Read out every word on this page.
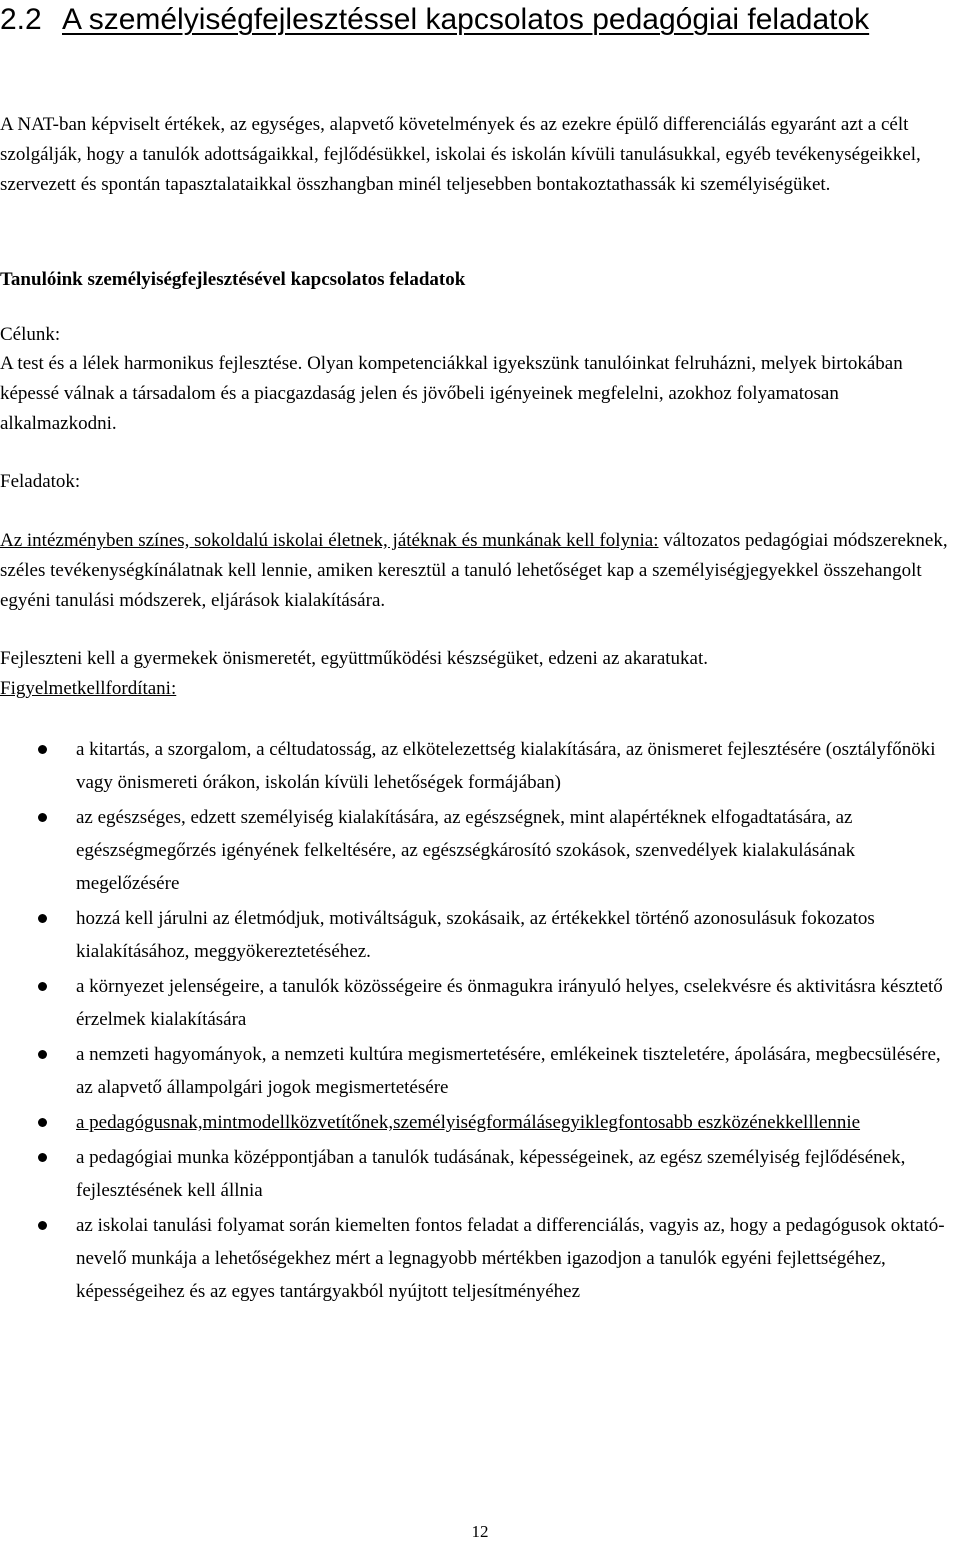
2.2 A személyiségfejlesztéssel kapcsolatos pedagógiai feladatok

A NAT-ban képviselt értékek, az egységes, alapvető követelmények és az ezekre épülő differenciálás egyaránt azt a célt szolgálják, hogy a tanulók adottságaikkal, fejlődésükkel, iskolai és iskolán kívüli tanulásukkal, egyéb tevékenységeikkel, szervezett és spontán tapasztalataikkal összhangban minél teljesebben bontakoztathassák ki személyiségüket.

Tanulóink személyiségfejlesztésével kapcsolatos feladatok

Célunk:

A test és a lélek harmonikus fejlesztése. Olyan kompetenciákkal igyekszünk tanulóinkat felruházni, melyek birtokában képessé válnak a társadalom és a piacgazdaság jelen és jövőbeli igényeinek megfelelni, azokhoz folyamatosan alkalmazkodni.

Feladatok:

Az intézményben színes, sokoldalú iskolai életnek, játéknak és munkának kell folynia: változatos pedagógiai módszereknek, széles tevékenységkínálatnak kell lennie, amiken keresztül a tanuló lehetőséget kap a személyiségjegyekkel összehangolt egyéni tanulási módszerek, eljárások kialakítására.

Fejleszteni kell a gyermekek önismeretét, együttműködési készségüket, edzeni az akaratukat.

Figyelmetkellfordítani:

a kitartás, a szorgalom, a céltudatosság, az elkötelezettség kialakítására, az önismeret fejlesztésére (osztályfőnöki vagy önismereti órákon, iskolán kívüli lehetőségek formájában)
az egészséges, edzett személyiség kialakítására, az egészségnek, mint alapértéknek elfogadtatására, az egészségmegőrzés igényének felkeltésére, az egészségkárosító szokások, szenvedélyek kialakulásának megelőzésére
hozzá kell járulni az életmódjuk, motiváltságuk, szokásaik, az értékekkel történő azonosulásuk fokozatos kialakításához, meggyökereztetéséhez.
a környezet jelenségeire, a tanulók közösségeire és önmagukra irányuló helyes, cselekvésre és aktivitásra késztető érzelmek kialakítására
a nemzeti hagyományok, a nemzeti kultúra megismertetésére, emlékeinek tiszteletére, ápolására, megbecsülésére, az alapvető állampolgári jogok megismertetésére
a pedagógusnak,mintmodellközvetítőnek,személyiségformálásegyiklegfontosabb eszközénekkelllennie
a pedagógiai munka középpontjában a tanulók tudásának, képességeinek, az egész személyiség fejlődésének, fejlesztésének kell állnia
az iskolai tanulási folyamat során kiemelten fontos feladat a differenciálás, vagyis az, hogy a pedagógusok oktató-nevelő munkája a lehetőségekhez mért a legnagyobb mértékben igazodjon a tanulók egyéni fejlettségéhez, képességeihez és az egyes tantárgyakból nyújtott teljesítményéhez
12
